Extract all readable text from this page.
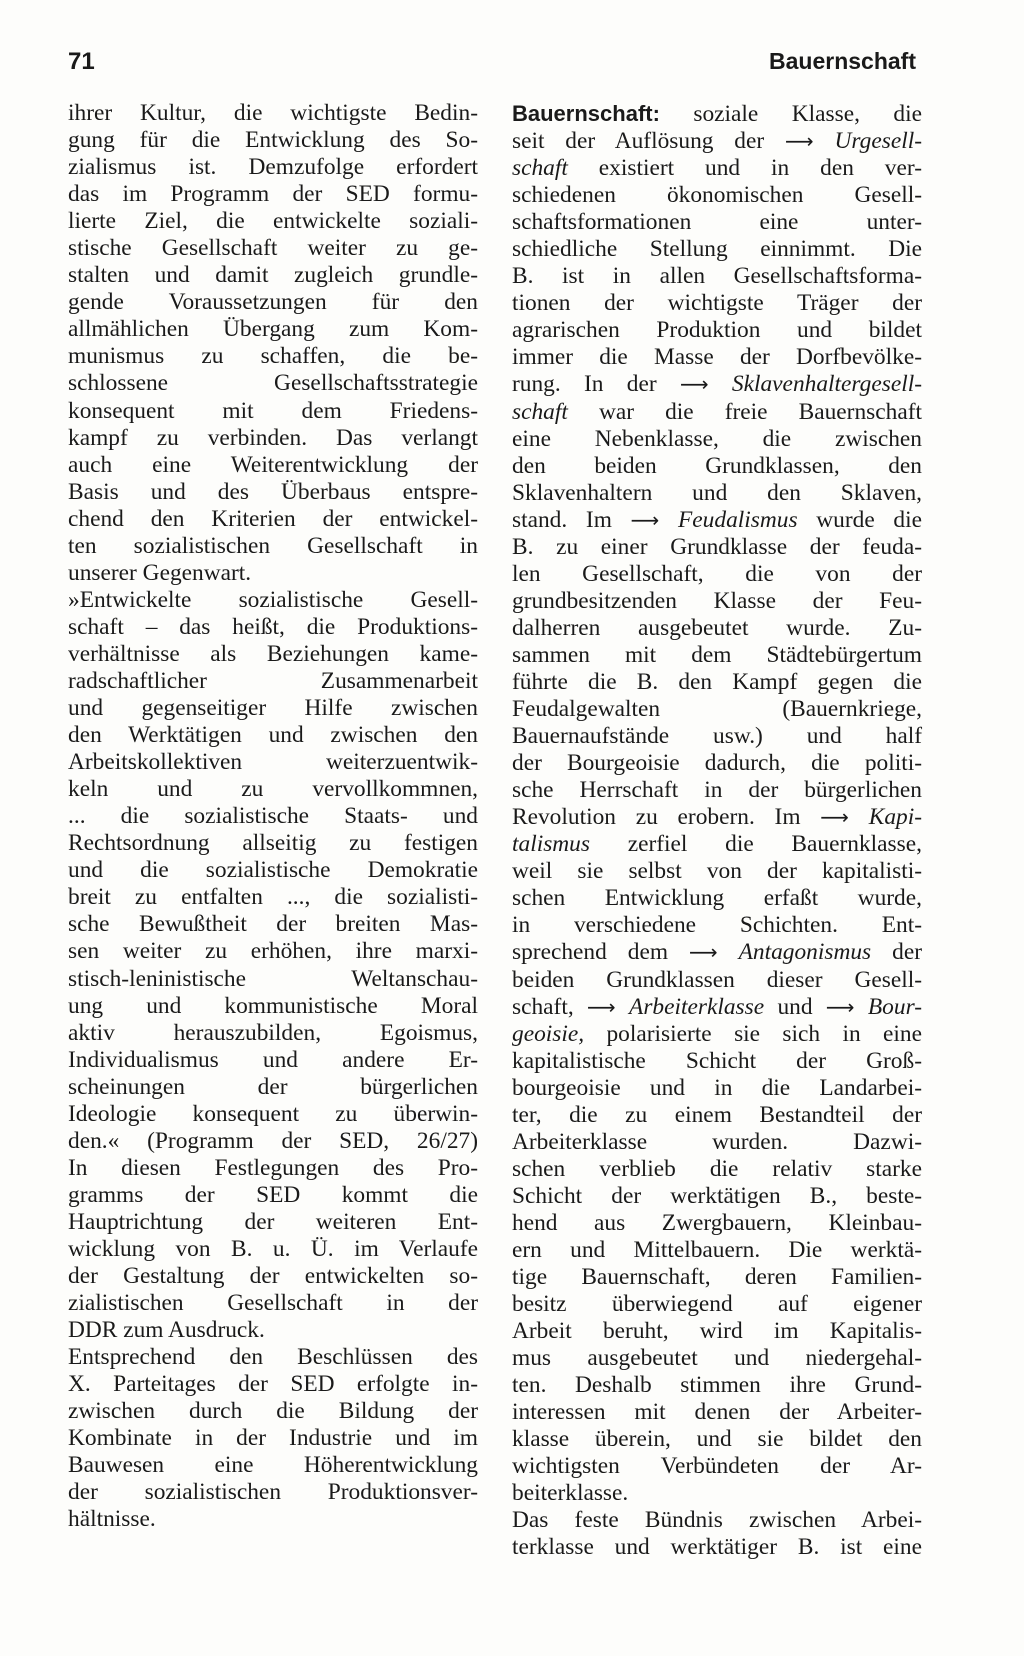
71	Bauernschaft
ihrer Kultur, die wichtigste Bedin-
gung für die Entwicklung des So-
zialismus ist. Demzufolge erfordert
das im Programm der SED formu-
lierte Ziel, die entwickelte soziali-
stische Gesellschaft weiter zu ge-
stalten und damit zugleich grundle-
gende Voraussetzungen für den
allmählichen Übergang zum Kom-
munismus zu schaffen, die be-
schlossene Gesellschaftsstrategie
konsequent mit dem Friedens-
kampf zu verbinden. Das verlangt
auch eine Weiterentwicklung der
Basis und des Überbaus entspre-
chend den Kriterien der entwickel-
ten sozialistischen Gesellschaft in
unserer Gegenwart.
»Entwickelte sozialistische Gesell-
schaft – das heißt, die Produktions-
verhältnisse als Beziehungen kame-
radschaftlicher Zusammenarbeit
und gegenseitiger Hilfe zwischen
den Werktätigen und zwischen den
Arbeitskollektiven weiterzuentwik-
keln und zu vervollkommnen,
... die sozialistische Staats- und
Rechtsordnung allseitig zu festigen
und die sozialistische Demokratie
breit zu entfalten ..., die sozialisti-
sche Bewußtheit der breiten Mas-
sen weiter zu erhöhen, ihre marxi-
stisch-leninistische Weltanschau-
ung und kommunistische Moral
aktiv herauszubilden, Egoismus,
Individualismus und andere Er-
scheinungen der bürgerlichen
Ideologie konsequent zu überwin-
den.« (Programm der SED, 26/27)
In diesen Festlegungen des Pro-
gramms der SED kommt die
Hauptrichtung der weiteren Ent-
wicklung von B. u. Ü. im Verlaufe
der Gestaltung der entwickelten so-
zialistischen Gesellschaft in der
DDR zum Ausdruck.
Entsprechend den Beschlüssen des
X. Parteitages der SED erfolgte in-
zwischen durch die Bildung der
Kombinate in der Industrie und im
Bauwesen eine Höherentwicklung
der sozialistischen Produktionsver-
hältnisse.
Bauernschaft: soziale Klasse, die
seit der Auflösung der ⟶ Urgesell-
schaft existiert und in den ver-
schiedenen ökonomischen Gesell-
schaftsformationen eine unter-
schiedliche Stellung einnimmt. Die
B. ist in allen Gesellschaftsforma-
tionen der wichtigste Träger der
agrarischen Produktion und bildet
immer die Masse der Dorfbevölke-
rung. In der ⟶ Sklavenhaltergesell-
schaft war die freie Bauernschaft
eine Nebenklasse, die zwischen
den beiden Grundklassen, den
Sklavenhaltern und den Sklaven,
stand. Im ⟶ Feudalismus wurde die
B. zu einer Grundklasse der feuda-
len Gesellschaft, die von der
grundbesitzenden Klasse der Feu-
dalherren ausgebeutet wurde. Zu-
sammen mit dem Städtebürgertum
führte die B. den Kampf gegen die
Feudalgewalten (Bauernkriege,
Bauernaufstände usw.) und half
der Bourgeoisie dadurch, die politi-
sche Herrschaft in der bürgerlichen
Revolution zu erobern. Im ⟶ Kapi-
talismus zerfiel die Bauernklasse,
weil sie selbst von der kapitalisti-
schen Entwicklung erfaßt wurde,
in verschiedene Schichten. Ent-
sprechend dem ⟶ Antagonismus der
beiden Grundklassen dieser Gesell-
schaft, ⟶ Arbeiterklasse und ⟶ Bour-
geoisie, polarisierte sie sich in eine
kapitalistische Schicht der Groß-
bourgeoisie und in die Landarbei-
ter, die zu einem Bestandteil der
Arbeiterklasse wurden. Dazwi-
schen verblieb die relativ starke
Schicht der werktätigen B., beste-
hend aus Zwergbauern, Kleinbau-
ern und Mittelbauern. Die werktä-
tige Bauernschaft, deren Familien-
besitz überwiegend auf eigener
Arbeit beruht, wird im Kapitalis-
mus ausgebeutet und niedergehal-
ten. Deshalb stimmen ihre Grund-
interessen mit denen der Arbeiter-
klasse überein, und sie bildet den
wichtigsten Verbündeten der Ar-
beiterklasse.
Das feste Bündnis zwischen Arbei-
terklasse und werktätiger B. ist eine
